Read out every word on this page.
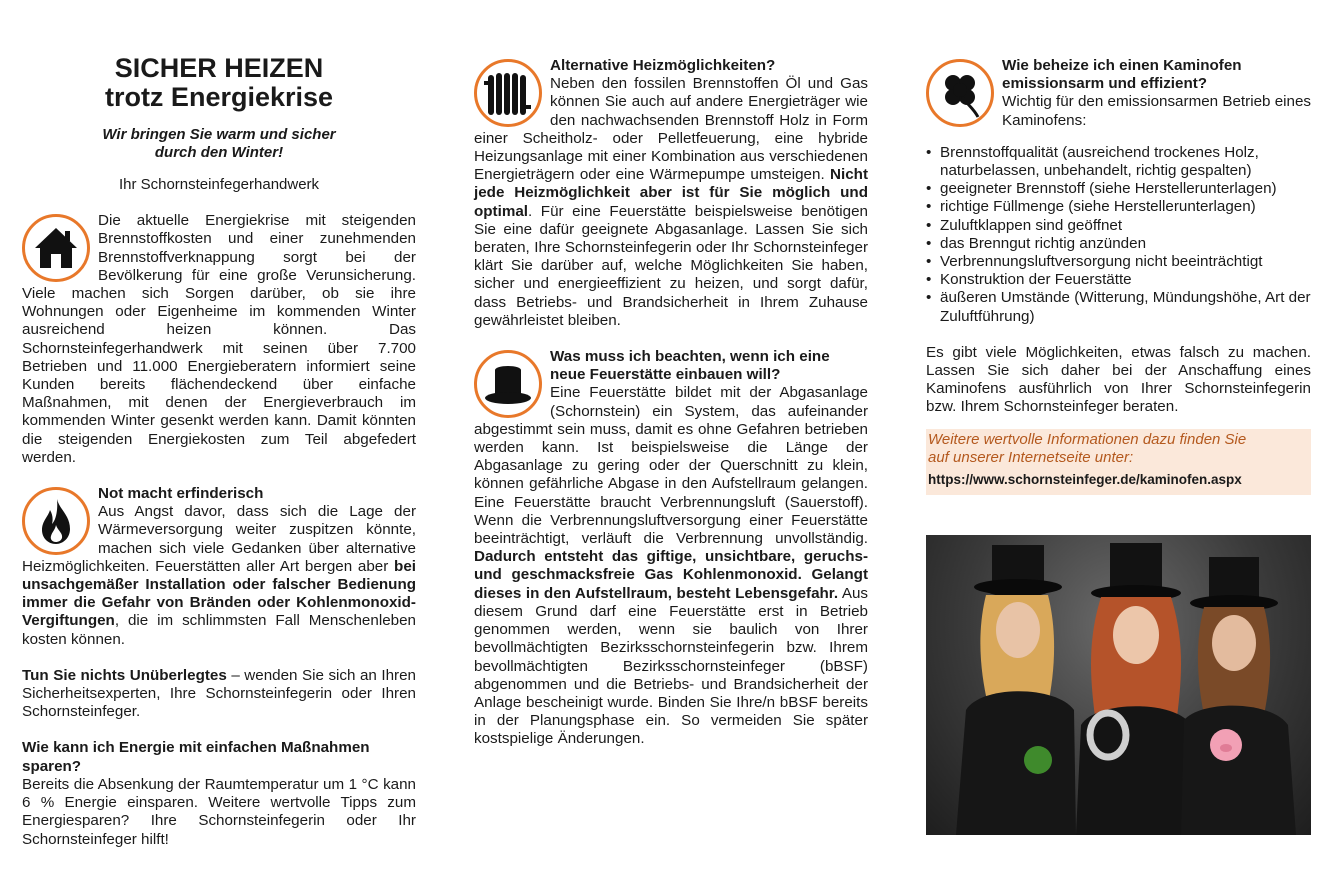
SICHER HEIZEN
trotz Energiekrise
Wir bringen Sie warm und sicher
durch den Winter!
Ihr Schornsteinfegerhandwerk

Die aktuelle Energiekrise mit steigenden Brennstoffkosten und einer zunehmenden Brennstoffverknappung sorgt bei der Bevölkerung für eine große Verunsicherung. Viele machen sich Sorgen darüber, ob sie ihre Wohnungen oder Eigenheime im kommenden Winter ausreichend heizen können. Das Schornsteinfegerhandwerk mit seinen über 7.700 Betrieben und 11.000 Energieberatern informiert seine Kunden bereits flächendeckend über einfache Maßnahmen, mit denen der Energieverbrauch im kommenden Winter gesenkt werden kann. Damit könnten die steigenden Energiekosten zum Teil abgefedert werden.

Not macht erfinderisch

Aus Angst davor, dass sich die Lage der Wärmeversorgung weiter zuspitzen könnte, machen sich viele Gedanken über alternative Heizmöglichkeiten. Feuerstätten aller Art bergen aber bei unsachgemäßer Installation oder falscher Bedienung immer die Gefahr von Bränden oder Kohlenmonoxid-Vergiftungen, die im schlimmsten Fall Menschenleben kosten können.

Tun Sie nichts Unüberlegtes – wenden Sie sich an Ihren Sicherheitsexperten, Ihre Schornsteinfegerin oder Ihren Schornsteinfeger.

Wie kann ich Energie mit einfachen Maßnahmen sparen?

Bereits die Absenkung der Raumtemperatur um 1 °C kann 6 % Energie einsparen. Weitere wertvolle Tipps zum Energiesparen? Ihre Schornsteinfegerin oder Ihr Schornsteinfeger hilft!

Alternative Heizmöglichkeiten?

Neben den fossilen Brennstoffen Öl und Gas können Sie auch auf andere Energieträger wie den nachwachsenden Brennstoff Holz in Form einer Scheitholz- oder Pelletfeuerung, eine hybride Heizungsanlage mit einer Kombination aus verschiedenen Energieträgern oder eine Wärmepumpe umsteigen. Nicht jede Heizmöglichkeit aber ist für Sie möglich und optimal. Für eine Feuerstätte beispielsweise benötigen Sie eine dafür geeignete Abgasanlage. Lassen Sie sich beraten, Ihre Schornsteinfegerin oder Ihr Schornsteinfeger klärt Sie darüber auf, welche Möglichkeiten Sie haben, sicher und energieeffizient zu heizen, und sorgt dafür, dass Betriebs- und Brandsicherheit in Ihrem Zuhause gewährleistet bleiben.

Was muss ich beachten, wenn ich eine neue Feuerstätte einbauen will?

Eine Feuerstätte bildet mit der Abgasanlage (Schornstein) ein System, das aufeinander abgestimmt sein muss, damit es ohne Gefahren betrieben werden kann. Ist beispielsweise die Länge der Abgasanlage zu gering oder der Querschnitt zu klein, können gefährliche Abgase in den Aufstellraum gelangen. Eine Feuerstätte braucht Verbrennungsluft (Sauerstoff). Wenn die Verbrennungsluftversorgung einer Feuerstätte beeinträchtigt, verläuft die Verbrennung unvollständig. Dadurch entsteht das giftige, unsichtbare, geruchs- und geschmacksfreie Gas Kohlenmonoxid. Gelangt dieses in den Aufstellraum, besteht Lebensgefahr. Aus diesem Grund darf eine Feuerstätte erst in Betrieb genommen werden, wenn sie baulich von Ihrer bevollmächtigten Bezirksschornsteinfegerin bzw. Ihrem bevollmächtigten Bezirksschornsteinfeger (bBSF) abgenommen und die Betriebs- und Brandsicherheit der Anlage bescheinigt wurde. Binden Sie Ihre/n bBSF bereits in der Planungsphase ein. So vermeiden Sie später kostspielige Änderungen.

Wie beheize ich einen Kaminofen emissionsarm und effizient?

Wichtig für den emissionsarmen Betrieb eines Kaminofens:

• Brennstoffqualität (ausreichend trockenes Holz, naturbelassen, unbehandelt, richtig gespalten)
• geeigneter Brennstoff (siehe Herstellerunterlagen)
• richtige Füllmenge (siehe Herstellerunterlagen)
• Zuluftklappen sind geöffnet
• das Brenngut richtig anzünden
• Verbrennungsluftversorgung nicht beeinträchtigt
• Konstruktion der Feuerstätte
• äußeren Umstände (Witterung, Mündungshöhe, Art der Zuluftführung)

Es gibt viele Möglichkeiten, etwas falsch zu machen. Lassen Sie sich daher bei der Anschaffung eines Kaminofens ausführlich von Ihrer Schornsteinfegerin bzw. Ihrem Schornsteinfeger beraten.

Weitere wertvolle Informationen dazu finden Sie
auf unserer Internetseite unter:
https://www.schornsteinfeger.de/kaminofen.aspx
